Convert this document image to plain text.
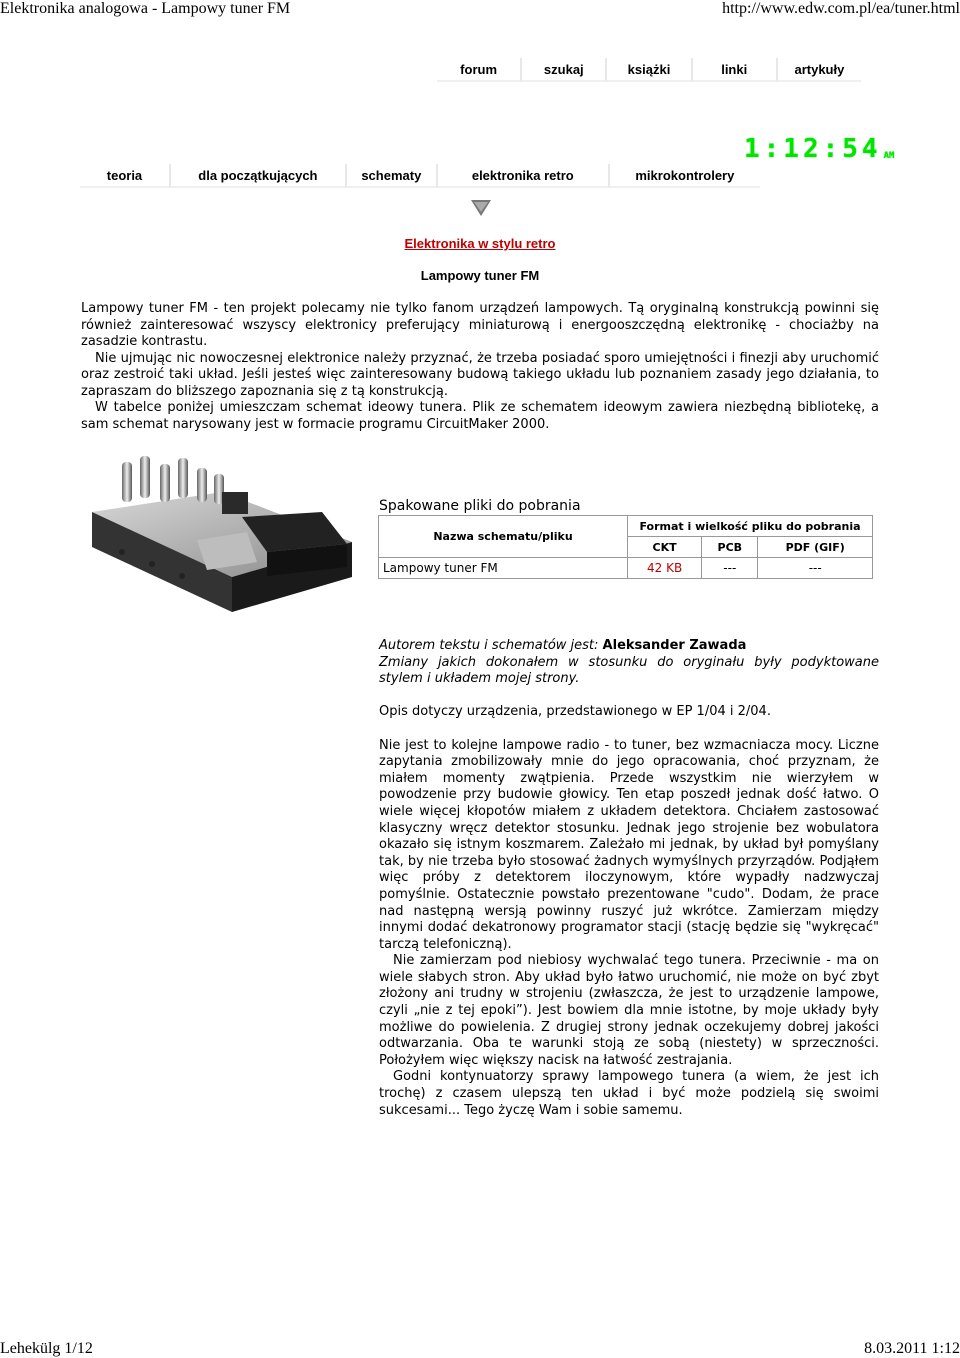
Elektronika analogowa - Lampowy tuner FM	http://www.edw.com.pl/ea/tuner.html
forum	szukaj	książki	linki	artykuły
1:12:54 AM
teoria	dla początkujących	schematy	elektronika retro	mikrokontrolery
Elektronika w stylu retro
Lampowy tuner FM

Lampowy tuner FM - ten projekt polecamy nie tylko fanom urządzeń lampowych. Tą oryginalną konstrukcją powinni się również zainteresować wszyscy elektronicy preferujący miniaturową i energooszczędną elektronikę - chociażby na zasadzie kontrastu.

Nie ujmując nic nowoczesnej elektronice należy przyznać, że trzeba posiadać sporo umiejętności i finezji aby uruchomić oraz zestroić taki układ. Jeśli jesteś więc zainteresowany budową takiego układu lub poznaniem zasady jego działania, to zapraszam do bliższego zapoznania się z tą konstrukcją.

W tabelce poniżej umieszczam schemat ideowy tunera. Plik ze schematem ideowym zawiera niezbędną bibliotekę, a sam schemat narysowany jest w formacie programu CircuitMaker 2000.

Spakowane pliki do pobrania
Nazwa schematu/pliku	Format i wielkość pliku do pobrania		
	CKT	PCB	PDF (GIF)
Lampowy tuner FM	42 KB	---	---

Autorem tekstu i schematów jest: Aleksander Zawada

Zmiany jakich dokonałem w stosunku do oryginału były podyktowane stylem i układem mojej strony.

Opis dotyczy urządzenia, przedstawionego w EP 1/04 i 2/04.

Nie jest to kolejne lampowe radio - to tuner, bez wzmacniacza mocy. Liczne zapytania zmobilizowały mnie do jego opracowania, choć przyznam, że miałem momenty zwątpienia. Przede wszystkim nie wierzyłem w powodzenie przy budowie głowicy. Ten etap poszedł jednak dość łatwo. O wiele więcej kłopotów miałem z układem detektora. Chciałem zastosować klasyczny wręcz detektor stosunku. Jednak jego strojenie bez wobulatora okazało się istnym koszmarem. Zależało mi jednak, by układ był pomyślany tak, by nie trzeba było stosować żadnych wymyślnych przyrządów. Podjąłem więc próby z detektorem iloczynowym, które wypadły nadzwyczaj pomyślnie. Ostatecznie powstało prezentowane "cudo". Dodam, że prace nad następną wersją powinny ruszyć już wkrótce. Zamierzam między innymi dodać dekatronowy programator stacji (stację będzie się "wykręcać" tarczą telefoniczną).

Nie zamierzam pod niebiosy wychwalać tego tunera. Przeciwnie - ma on wiele słabych stron. Aby układ było łatwo uruchomić, nie może on być zbyt złożony ani trudny w strojeniu (zwłaszcza, że jest to urządzenie lampowe, czyli „nie z tej epoki”). Jest bowiem dla mnie istotne, by moje układy były możliwe do powielenia. Z drugiej strony jednak oczekujemy dobrej jakości odtwarzania. Oba te warunki stoją ze sobą (niestety) w sprzeczności. Położyłem więc większy nacisk na łatwość zestrajania.

Godni kontynuatorzy sprawy lampowego tunera (a wiem, że jest ich trochę) z czasem ulepszą ten układ i być może podzielą się swoimi sukcesami... Tego życzę Wam i sobie samemu.

Lehekülg 1/12	8.03.2011 1:12
